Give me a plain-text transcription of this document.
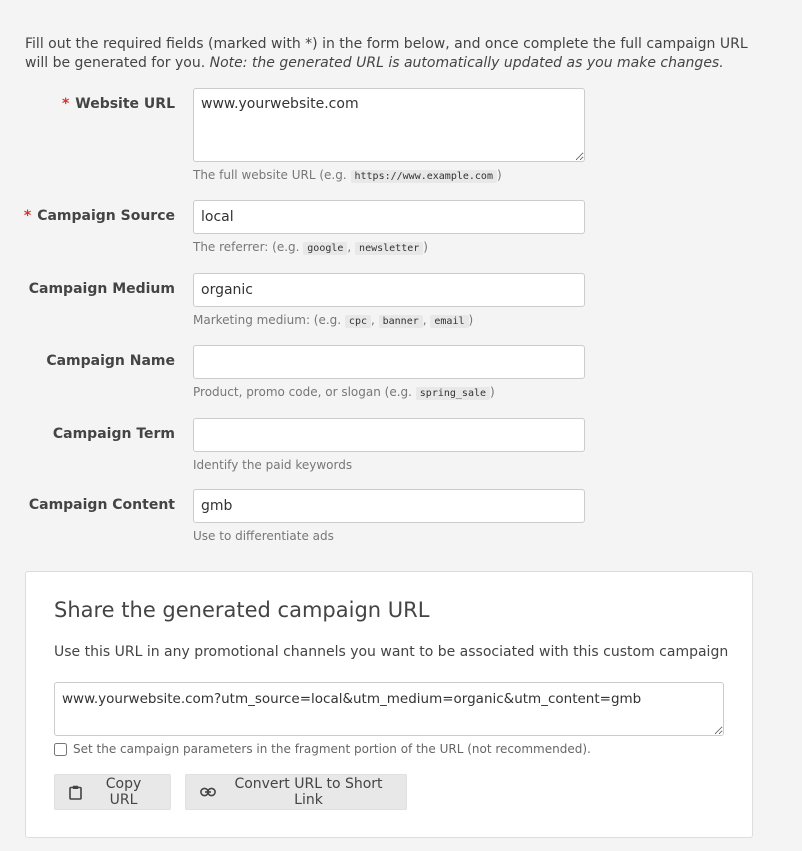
Fill out the required fields (marked with *) in the form below, and once complete the full campaign URL will be generated for you. Note: the generated URL is automatically updated as you make changes.

* Website URL
www.yourwebsite.com
The full website URL (e.g. https://www.example.com )
* Campaign Source
local
The referrer: (e.g. google , newsletter )
Campaign Medium
organic
Marketing medium: (e.g. cpc , banner , email )
Campaign Name
Product, promo code, or slogan (e.g. spring_sale )
Campaign Term
Identify the paid keywords
Campaign Content
gmb
Use to differentiate ads
Share the generated campaign URL
Use this URL in any promotional channels you want to be associated with this custom campaign
www.yourwebsite.com?utm_source=local&utm_medium=organic&utm_content=gmb
Set the campaign parameters in the fragment portion of the URL (not recommended).
Copy URL
Convert URL to Short Link
